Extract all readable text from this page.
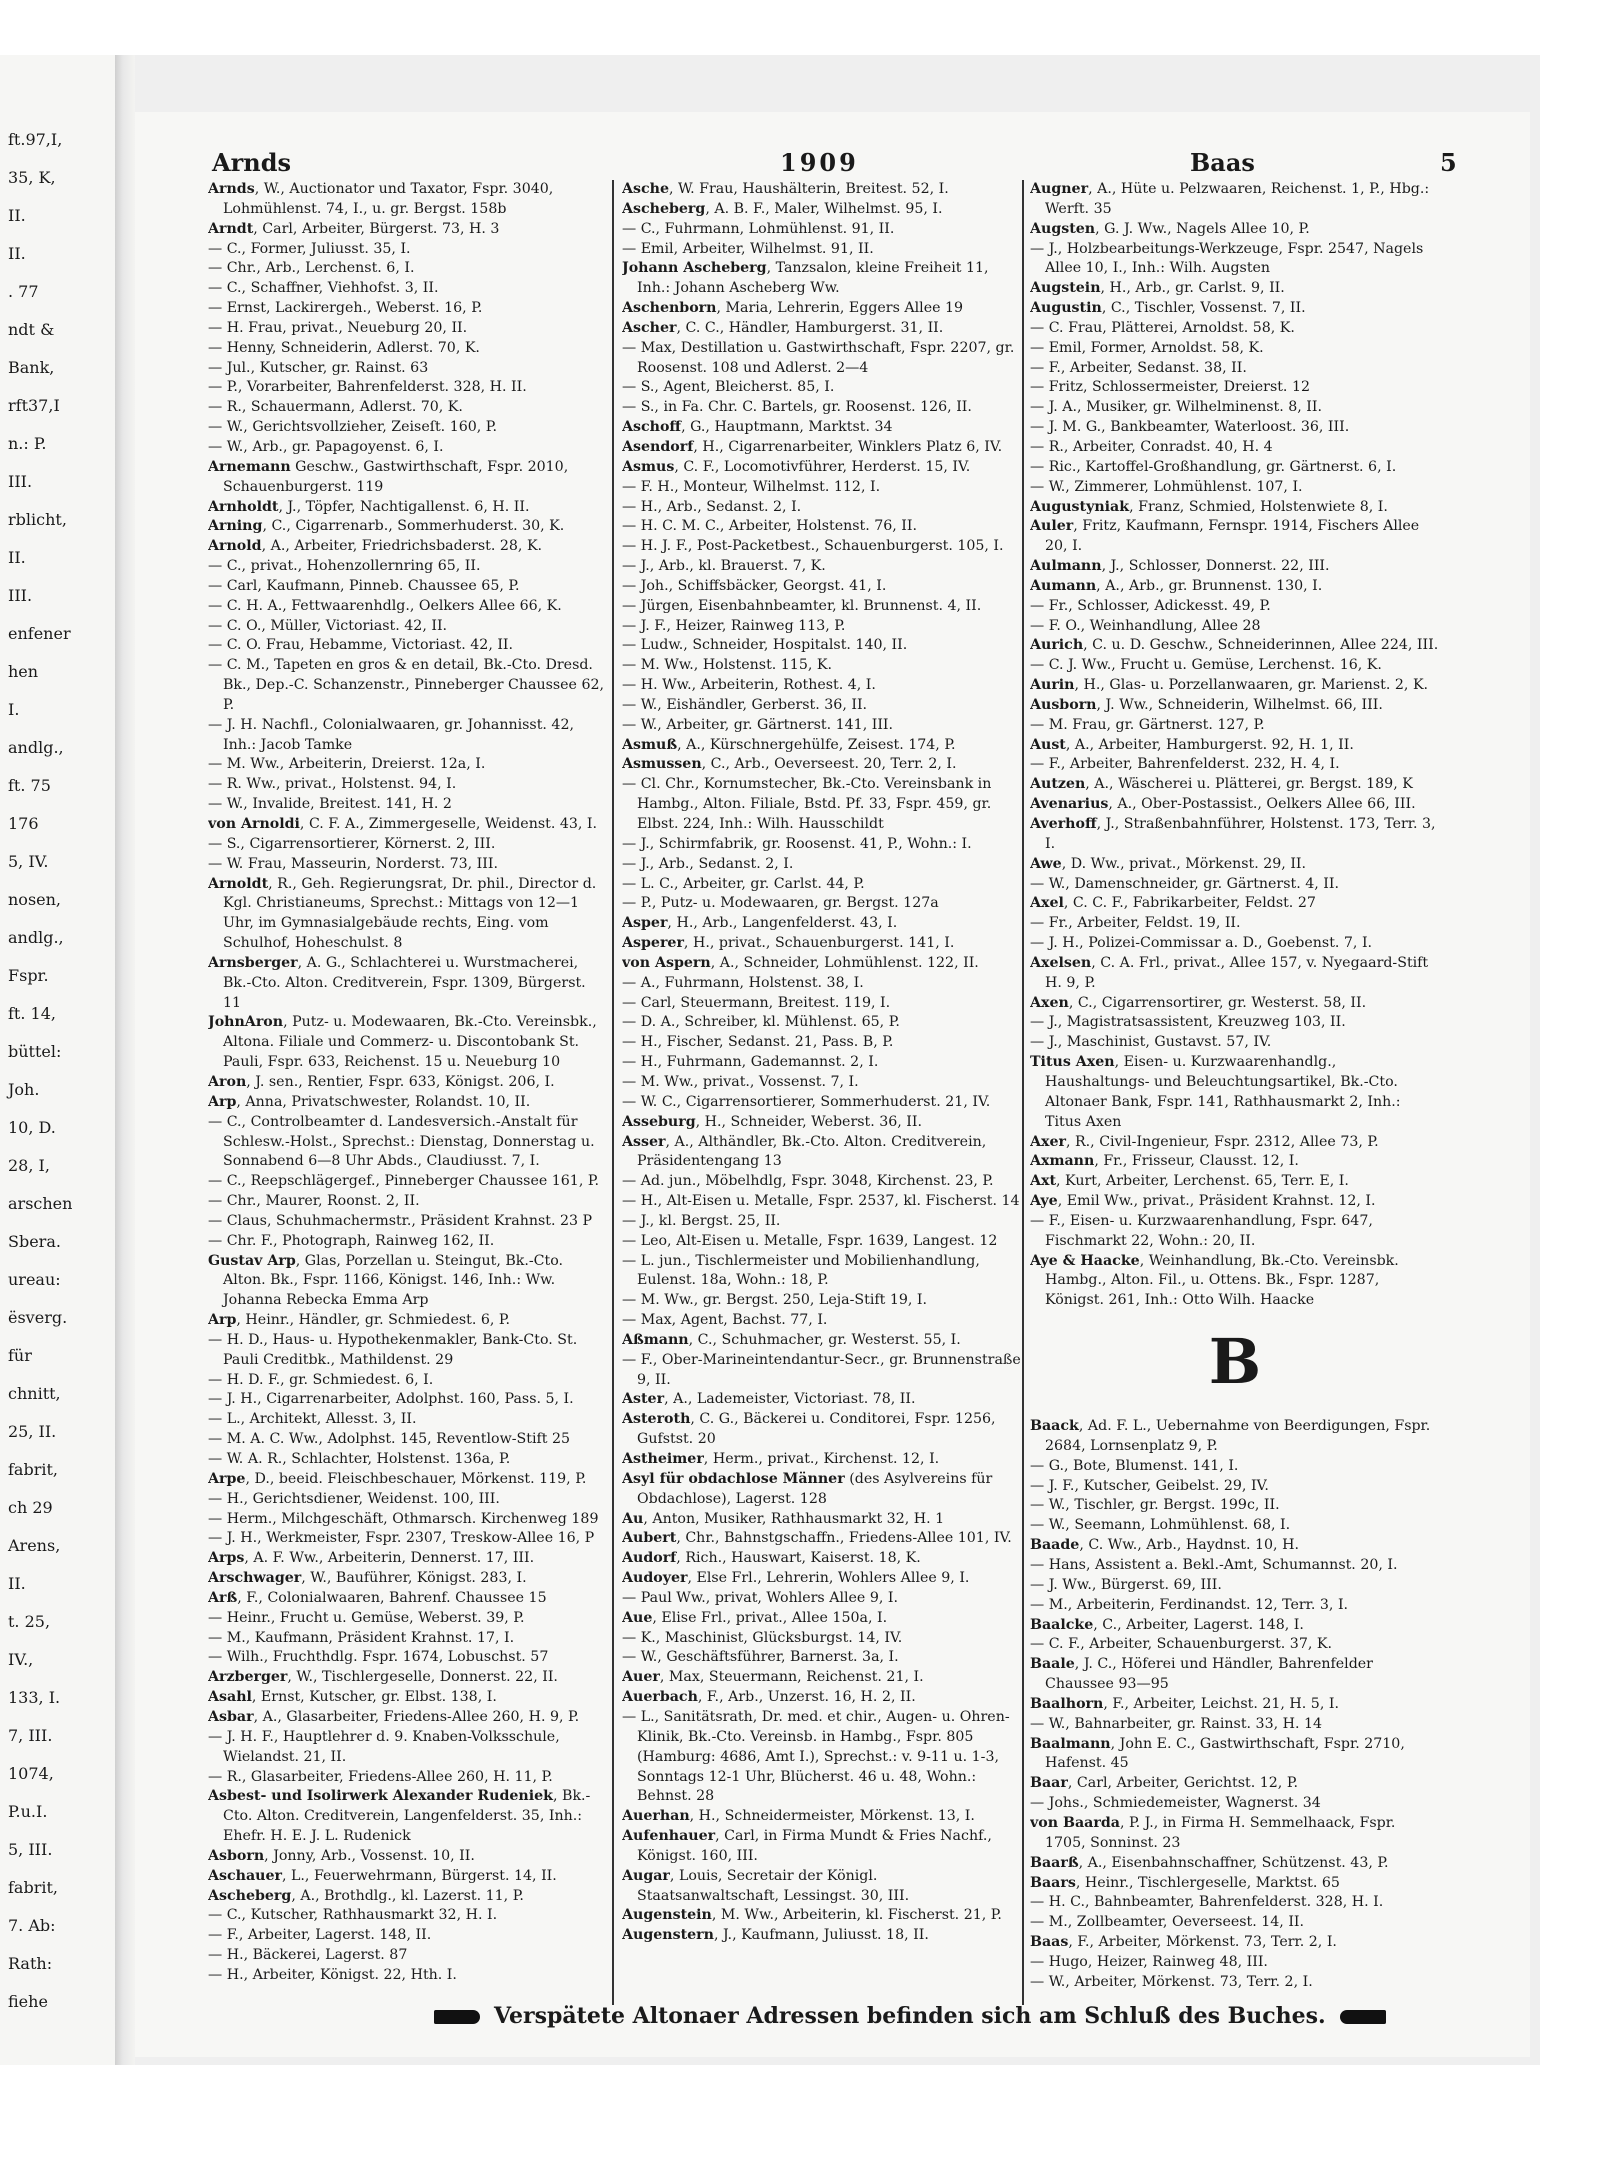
ft.97,I,
35, K,
II.
II.
. 77
ndt &
Bank,
rft37,I
n.: P.
III.
rblicht,
II.
III.
enfener
hen
I.
andlg.,
ft. 75
176
5, IV.
nosen,
andlg.,
Fspr.
ft. 14,
büttel:
Joh.
10, D.
28, I,
arschen
Sbera.
ureau:
ësverg.
für
chnitt,
25, II.
fabrit,
ch 29
Arens,
II.
t. 25,
IV.,
133, I.
7, III.
1074,
P.u.I.
5, III.
fabrit,
7. Ab:
Rath:
fiehe
Arnds	1909	Baas	5
Arnds, W., Auctionator und Taxator, Fspr. 3040, Lohmühlenst. 74, I., u. gr. Bergst. 158b
Arndt, Carl, Arbeiter, Bürgerst. 73, H. 3
— C., Former, Juliusst. 35, I.
— Chr., Arb., Lerchenst. 6, I.
— C., Schaffner, Viehhofst. 3, II.
— Ernst, Lackirergeh., Weberst. 16, P.
— H. Frau, privat., Neueburg 20, II.
— Henny, Schneiderin, Adlerst. 70, K.
— Jul., Kutscher, gr. Rainst. 63
— P., Vorarbeiter, Bahrenfelderst. 328, H. II.
— R., Schauermann, Adlerst. 70, K.
— W., Gerichtsvollzieher, Zeiseſt. 160, P.
— W., Arb., gr. Papagoyenst. 6, I.
Arnemann Geschw., Gastwirthschaft, Fspr. 2010, Schauenburgerst. 119
Arnholdt, J., Töpfer, Nachtigallenst. 6, H. II.
Arning, C., Cigarrenarb., Sommerhuderst. 30, K.
Arnold, A., Arbeiter, Friedrichsbaderst. 28, K.
— C., privat., Hohenzollernring 65, II.
— Carl, Kaufmann, Pinneb. Chaussee 65, P.
— C. H. A., Fettwaarenhdlg., Oelkers Allee 66, K.
— C. O., Müller, Victoriast. 42, II.
— C. O. Frau, Hebamme, Victoriast. 42, II.
— C. M., Tapeten en gros & en detail, Bk.-Cto. Dresd. Bk., Dep.-C. Schanzenstr., Pinneberger Chaussee 62, P.
— J. H. Nachfl., Colonialwaaren, gr. Johannisst. 42, Inh.: Jacob Tamke
— M. Ww., Arbeiterin, Dreierst. 12a, I.
— R. Ww., privat., Holstenst. 94, I.
— W., Invalide, Breitest. 141, H. 2
von Arnoldi, C. F. A., Zimmergeselle, Weidenst. 43, I.
— S., Cigarrensortierer, Körnerst. 2, III.
— W. Frau, Masseurin, Norderst. 73, III.
Arnoldt, R., Geh. Regierungsrat, Dr. phil., Director d. Kgl. Christianeums, Sprechst.: Mittags von 12—1 Uhr, im Gymnasialgebäude rechts, Eing. vom Schulhof, Hoheschulst. 8
Arnsberger, A. G., Schlachterei u. Wurstmacherei, Bk.-Cto. Alton. Creditverein, Fspr. 1309, Bürgerst. 11
JohnAron, Putz- u. Modewaaren, Bk.-Cto. Vereinsbk., Altona. Filiale und Commerz- u. Discontobank St. Pauli, Fspr. 633, Reichenst. 15 u. Neueburg 10
Aron, J. sen., Rentier, Fspr. 633, Königst. 206, I.
Arp, Anna, Privatschwester, Rolandst. 10, II.
— C., Controlbeamter d. Landesversich.-Anstalt für Schlesw.-Holst., Sprechst.: Dienstag, Donnerstag u. Sonnabend 6—8 Uhr Abds., Claudiusst. 7, I.
— C., Reepschlägergef., Pinneberger Chaussee 161, P.
— Chr., Maurer, Roonst. 2, II.
— Claus, Schuhmachermstr., Präsident Krahnst. 23 P
— Chr. F., Photograph, Rainweg 162, II.
Gustav Arp, Glas, Porzellan u. Steingut, Bk.-Cto. Alton. Bk., Fspr. 1166, Königst. 146, Inh.: Ww. Johanna Rebecka Emma Arp
Arp, Heinr., Händler, gr. Schmiedest. 6, P.
— H. D., Haus- u. Hypothekenmakler, Bank-Cto. St. Pauli Creditbk., Mathildenst. 29
— H. D. F., gr. Schmiedest. 6, I.
— J. H., Cigarrenarbeiter, Adolphst. 160, Pass. 5, I.
— L., Architekt, Allesst. 3, II.
— M. A. C. Ww., Adolphst. 145, Reventlow-Stift 25
— W. A. R., Schlachter, Holstenst. 136a, P.
Arpe, D., beeid. Fleischbeschauer, Mörkenst. 119, P.
— H., Gerichtsdiener, Weidenst. 100, III.
— Herm., Milchgeschäft, Othmarsch. Kirchenweg 189
— J. H., Werkmeister, Fspr. 2307, Treskow-Allee 16, P
Arps, A. F. Ww., Arbeiterin, Dennerst. 17, III.
Arschwager, W., Bauführer, Königst. 283, I.
Arß, F., Colonialwaaren, Bahrenf. Chaussee 15
— Heinr., Frucht u. Gemüse, Weberst. 39, P.
— M., Kaufmann, Präsident Krahnst. 17, I.
— Wilh., Fruchthdlg. Fspr. 1674, Lobuschst. 57
Arzberger, W., Tischlergeselle, Donnerst. 22, II.
Asahl, Ernst, Kutscher, gr. Elbst. 138, I.
Asbar, A., Glasarbeiter, Friedens-Allee 260, H. 9, P.
— J. H. F., Hauptlehrer d. 9. Knaben-Volksschule, Wielandst. 21, II.
— R., Glasarbeiter, Friedens-Allee 260, H. 11, P.
Asbest- und Isolirwerk Alexander Rudeniek, Bk.-Cto. Alton. Creditverein, Langenfelderst. 35, Inh.: Ehefr. H. E. J. L. Rudenick
Asborn, Jonny, Arb., Vossenst. 10, II.
Aschauer, L., Feuerwehrmann, Bürgerst. 14, II.
Ascheberg, A., Brothdlg., kl. Lazerst. 11, P.
— C., Kutscher, Rathhausmarkt 32, H. I.
— F., Arbeiter, Lagerst. 148, II.
— H., Bäckerei, Lagerst. 87
— H., Arbeiter, Königst. 22, Hth. I.
Asche, W. Frau, Haushälterin, Breitest. 52, I.
Ascheberg, A. B. F., Maler, Wilhelmst. 95, I.
— C., Fuhrmann, Lohmühlenst. 91, II.
— Emil, Arbeiter, Wilhelmst. 91, II.
Johann Ascheberg, Tanzsalon, kleine Freiheit 11, Inh.: Johann Ascheberg Ww.
Aschenborn, Maria, Lehrerin, Eggers Allee 19
Ascher, C. C., Händler, Hamburgerst. 31, II.
— Max, Destillation u. Gastwirthschaft, Fspr. 2207, gr. Roosenst. 108 und Adlerst. 2—4
— S., Agent, Bleicherst. 85, I.
— S., in Fa. Chr. C. Bartels, gr. Roosenst. 126, II.
Aschoff, G., Hauptmann, Marktst. 34
Asendorf, H., Cigarrenarbeiter, Winklers Platz 6, IV.
Asmus, C. F., Locomotivführer, Herderst. 15, IV.
— F. H., Monteur, Wilhelmst. 112, I.
— H., Arb., Sedanst. 2, I.
— H. C. M. C., Arbeiter, Holstenst. 76, II.
— H. J. F., Post-Packetbest., Schauenburgerst. 105, I.
— J., Arb., kl. Brauerst. 7, K.
— Joh., Schiffsbäcker, Georgst. 41, I.
— Jürgen, Eisenbahnbeamter, kl. Brunnenst. 4, II.
— J. F., Heizer, Rainweg 113, P.
— Ludw., Schneider, Hospitalst. 140, II.
— M. Ww., Holstenst. 115, K.
— H. Ww., Arbeiterin, Rothest. 4, I.
— W., Eishändler, Gerberst. 36, II.
— W., Arbeiter, gr. Gärtnerst. 141, III.
Asmuß, A., Kürschnergehülfe, Zeisest. 174, P.
Asmussen, C., Arb., Oeverseest. 20, Terr. 2, I.
— Cl. Chr., Kornumstecher, Bk.-Cto. Vereinsbank in Hambg., Alton. Filiale, Bstd. Pf. 33, Fspr. 459, gr. Elbst. 224, Inh.: Wilh. Hausschildt
— J., Schirmfabrik, gr. Roosenst. 41, P., Wohn.: I.
— J., Arb., Sedanst. 2, I.
— L. C., Arbeiter, gr. Carlst. 44, P.
— P., Putz- u. Modewaaren, gr. Bergst. 127a
Asper, H., Arb., Langenfelderst. 43, I.
Asperer, H., privat., Schauenburgerst. 141, I.
von Aspern, A., Schneider, Lohmühlenst. 122, II.
— A., Fuhrmann, Holstenst. 38, I.
— Carl, Steuermann, Breitest. 119, I.
— D. A., Schreiber, kl. Mühlenst. 65, P.
— H., Fischer, Sedanst. 21, Pass. B, P.
— H., Fuhrmann, Gademannst. 2, I.
— M. Ww., privat., Vossenst. 7, I.
— W. C., Cigarrensortierer, Sommerhuderst. 21, IV.
Asseburg, H., Schneider, Weberst. 36, II.
Asser, A., Althändler, Bk.-Cto. Alton. Creditverein, Präsidentengang 13
— Ad. jun., Möbelhdlg, Fspr. 3048, Kirchenst. 23, P.
— H., Alt-Eisen u. Metalle, Fspr. 2537, kl. Fischerst. 14
— J., kl. Bergst. 25, II.
— Leo, Alt-Eisen u. Metalle, Fspr. 1639, Langest. 12
— L. jun., Tischlermeister und Mobilienhandlung, Eulenst. 18a, Wohn.: 18, P.
— M. Ww., gr. Bergst. 250, Leja-Stift 19, I.
— Max, Agent, Bachst. 77, I.
Aßmann, C., Schuhmacher, gr. Westerst. 55, I.
— F., Ober-Marineintendantur-Secr., gr. Brunnenstraße 9, II.
Aster, A., Lademeister, Victoriast. 78, II.
Asteroth, C. G., Bäckerei u. Conditorei, Fspr. 1256, Gufstst. 20
Astheimer, Herm., privat., Kirchenst. 12, I.
Asyl für obdachlose Männer (des Asylvereins für Obdachlose), Lagerst. 128
Au, Anton, Musiker, Rathhausmarkt 32, H. 1
Aubert, Chr., Bahnstgschaffn., Friedens-Allee 101, IV.
Audorf, Rich., Hauswart, Kaiserst. 18, K.
Audoyer, Else Frl., Lehrerin, Wohlers Allee 9, I.
— Paul Ww., privat, Wohlers Allee 9, I.
Aue, Elise Frl., privat., Allee 150a, I.
— K., Maschinist, Glücksburgst. 14, IV.
— W., Geschäftsführer, Barnerst. 3a, I.
Auer, Max, Steuermann, Reichenst. 21, I.
Auerbach, F., Arb., Unzerst. 16, H. 2, II.
— L., Sanitätsrath, Dr. med. et chir., Augen- u. Ohren-Klinik, Bk.-Cto. Vereinsb. in Hambg., Fspr. 805 (Hamburg: 4686, Amt I.), Sprechst.: v. 9-11 u. 1-3, Sonntags 12-1 Uhr, Blücherst. 46 u. 48, Wohn.: Behnst. 28
Auerhan, H., Schneidermeister, Mörkenst. 13, I.
Aufenhauer, Carl, in Firma Mundt & Fries Nachf., Königst. 160, III.
Augar, Louis, Secretair der Königl. Staatsanwaltschaft, Lessingst. 30, III.
Augenstein, M. Ww., Arbeiterin, kl. Fischerst. 21, P.
Augenstern, J., Kaufmann, Juliusst. 18, II.
Augner, A., Hüte u. Pelzwaaren, Reichenst. 1, P., Hbg.: Werft. 35
Augsten, G. J. Ww., Nagels Allee 10, P.
— J., Holzbearbeitungs-Werkzeuge, Fspr. 2547, Nagels Allee 10, I., Inh.: Wilh. Augsten
Augstein, H., Arb., gr. Carlst. 9, II.
Augustin, C., Tischler, Vossenst. 7, II.
— C. Frau, Plätterei, Arnoldst. 58, K.
— Emil, Former, Arnoldst. 58, K.
— F., Arbeiter, Sedanst. 38, II.
— Fritz, Schlossermeister, Dreierst. 12
— J. A., Musiker, gr. Wilhelminenst. 8, II.
— J. M. G., Bankbeamter, Waterloost. 36, III.
— R., Arbeiter, Conradst. 40, H. 4
— Ric., Kartoffel-Großhandlung, gr. Gärtnerst. 6, I.
— W., Zimmerer, Lohmühlenst. 107, I.
Augustyniak, Franz, Schmied, Holstenwiete 8, I.
Auler, Fritz, Kaufmann, Fernspr. 1914, Fischers Allee 20, I.
Aulmann, J., Schlosser, Donnerst. 22, III.
Aumann, A., Arb., gr. Brunnenst. 130, I.
— Fr., Schlosser, Adickesst. 49, P.
— F. O., Weinhandlung, Allee 28
Aurich, C. u. D. Geschw., Schneiderinnen, Allee 224, III.
— C. J. Ww., Frucht u. Gemüse, Lerchenst. 16, K.
Aurin, H., Glas- u. Porzellanwaaren, gr. Marienst. 2, K.
Ausborn, J. Ww., Schneiderin, Wilhelmst. 66, III.
— M. Frau, gr. Gärtnerst. 127, P.
Aust, A., Arbeiter, Hamburgerst. 92, H. 1, II.
— F., Arbeiter, Bahrenfelderst. 232, H. 4, I.
Autzen, A., Wäscherei u. Plätterei, gr. Bergst. 189, K
Avenarius, A., Ober-Postassist., Oelkers Allee 66, III.
Averhoff, J., Straßenbahnführer, Holstenst. 173, Terr. 3, I.
Awe, D. Ww., privat., Mörkenst. 29, II.
— W., Damenschneider, gr. Gärtnerst. 4, II.
Axel, C. C. F., Fabrikarbeiter, Feldst. 27
— Fr., Arbeiter, Feldst. 19, II.
— J. H., Polizei-Commissar a. D., Goebenst. 7, I.
Axelsen, C. A. Frl., privat., Allee 157, v. Nyegaard-Stift H. 9, P.
Axen, C., Cigarrensortirer, gr. Westerst. 58, II.
— J., Magistratsassistent, Kreuzweg 103, II.
— J., Maschinist, Gustavst. 57, IV.
Titus Axen, Eisen- u. Kurzwaarenhandlg., Haushaltungs- und Beleuchtungsartikel, Bk.-Cto. Altonaer Bank, Fspr. 141, Rathhausmarkt 2, Inh.: Titus Axen
Axer, R., Civil-Ingenieur, Fspr. 2312, Allee 73, P.
Axmann, Fr., Frisseur, Clausst. 12, I.
Axt, Kurt, Arbeiter, Lerchenst. 65, Terr. E, I.
Aye, Emil Ww., privat., Präsident Krahnst. 12, I.
— F., Eisen- u. Kurzwaarenhandlung, Fspr. 647, Fischmarkt 22, Wohn.: 20, II.
Aye & Haacke, Weinhandlung, Bk.-Cto. Vereinsbk. Hambg., Alton. Fil., u. Ottens. Bk., Fspr. 1287, Königst. 261, Inh.: Otto Wilh. Haacke
B
Baack, Ad. F. L., Uebernahme von Beerdigungen, Fspr. 2684, Lornsenplatz 9, P.
— G., Bote, Blumenst. 141, I.
— J. F., Kutscher, Geibelst. 29, IV.
— W., Tischler, gr. Bergst. 199c, II.
— W., Seemann, Lohmühlenst. 68, I.
Baade, C. Ww., Arb., Haydnst. 10, H.
— Hans, Assistent a. Bekl.-Amt, Schumannst. 20, I.
— J. Ww., Bürgerst. 69, III.
— M., Arbeiterin, Ferdinandst. 12, Terr. 3, I.
Baalcke, C., Arbeiter, Lagerst. 148, I.
— C. F., Arbeiter, Schauenburgerst. 37, K.
Baale, J. C., Höferei und Händler, Bahrenfelder Chaussee 93—95
Baalhorn, F., Arbeiter, Leichst. 21, H. 5, I.
— W., Bahnarbeiter, gr. Rainst. 33, H. 14
Baalmann, John E. C., Gastwirthschaft, Fspr. 2710, Hafenst. 45
Baar, Carl, Arbeiter, Gerichtst. 12, P.
— Johs., Schmiedemeister, Wagnerst. 34
von Baarda, P. J., in Firma H. Semmelhaack, Fspr. 1705, Sonninst. 23
Baarß, A., Eisenbahnschaffner, Schützenst. 43, P.
Baars, Heinr., Tischlergeselle, Marktst. 65
— H. C., Bahnbeamter, Bahrenfelderst. 328, H. I.
— M., Zollbeamter, Oeverseest. 14, II.
Baas, F., Arbeiter, Mörkenst. 73, Terr. 2, I.
— Hugo, Heizer, Rainweg 48, III.
— W., Arbeiter, Mörkenst. 73, Terr. 2, I.
Verspätete Altonaer Adressen befinden sich am Schluß des Buches.
